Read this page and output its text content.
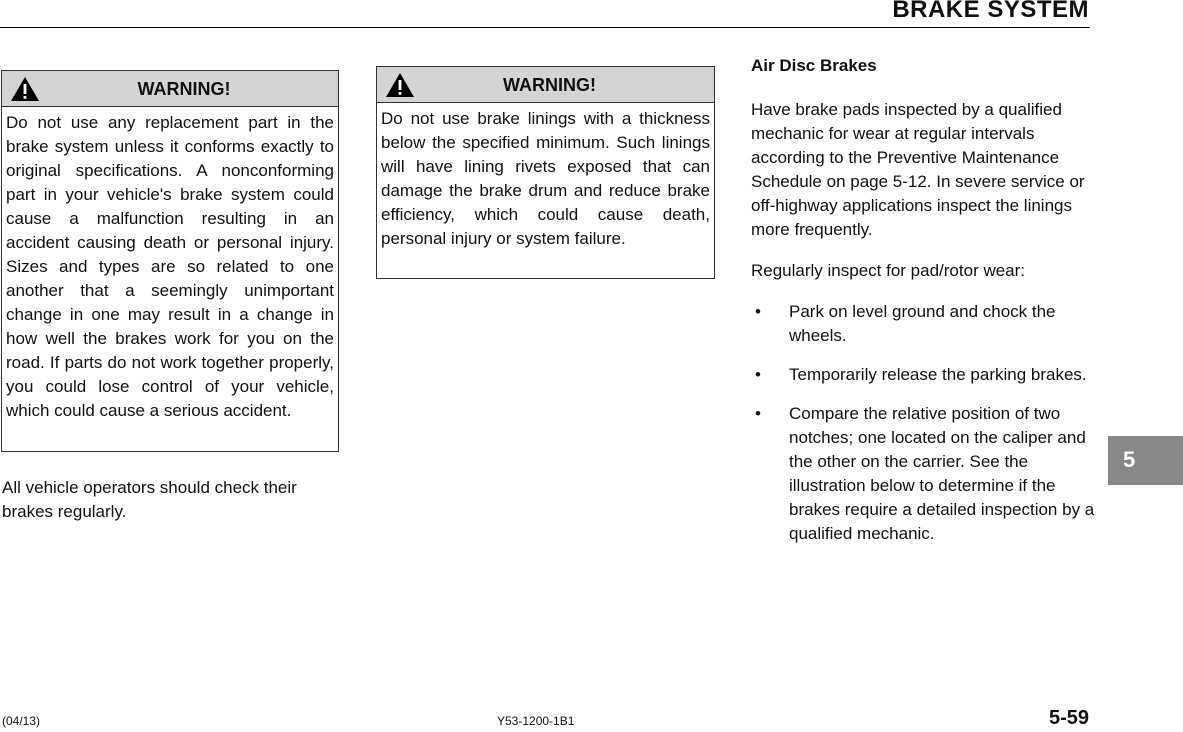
BRAKE SYSTEM
WARNING!
Do not use any replacement part in the brake system unless it conforms exactly to original specifications. A nonconforming part in your vehicle's brake system could cause a malfunction resulting in an accident causing death or personal injury. Sizes and types are so related to one another that a seemingly unimportant change in one may result in a change in how well the brakes work for you on the road. If parts do not work together properly, you could lose control of your vehicle, which could cause a serious accident.
All vehicle operators should check their brakes regularly.
WARNING!
Do not use brake linings with a thickness below the specified minimum. Such linings will have lining rivets exposed that can damage the brake drum and reduce brake efficiency, which could cause death, personal injury or system failure.
Air Disc Brakes

Have brake pads inspected by a qualified mechanic for wear at regular intervals according to the Preventive Maintenance Schedule on page 5-12. In severe service or off-highway applications inspect the linings more frequently.

Regularly inspect for pad/rotor wear:

• Park on level ground and chock the wheels.
• Temporarily release the parking brakes.
• Compare the relative position of two notches; one located on the caliper and the other on the carrier. See the illustration below to determine if the brakes require a detailed inspection by a qualified mechanic.
5
(04/13)	Y53-1200-1B1	5-59
